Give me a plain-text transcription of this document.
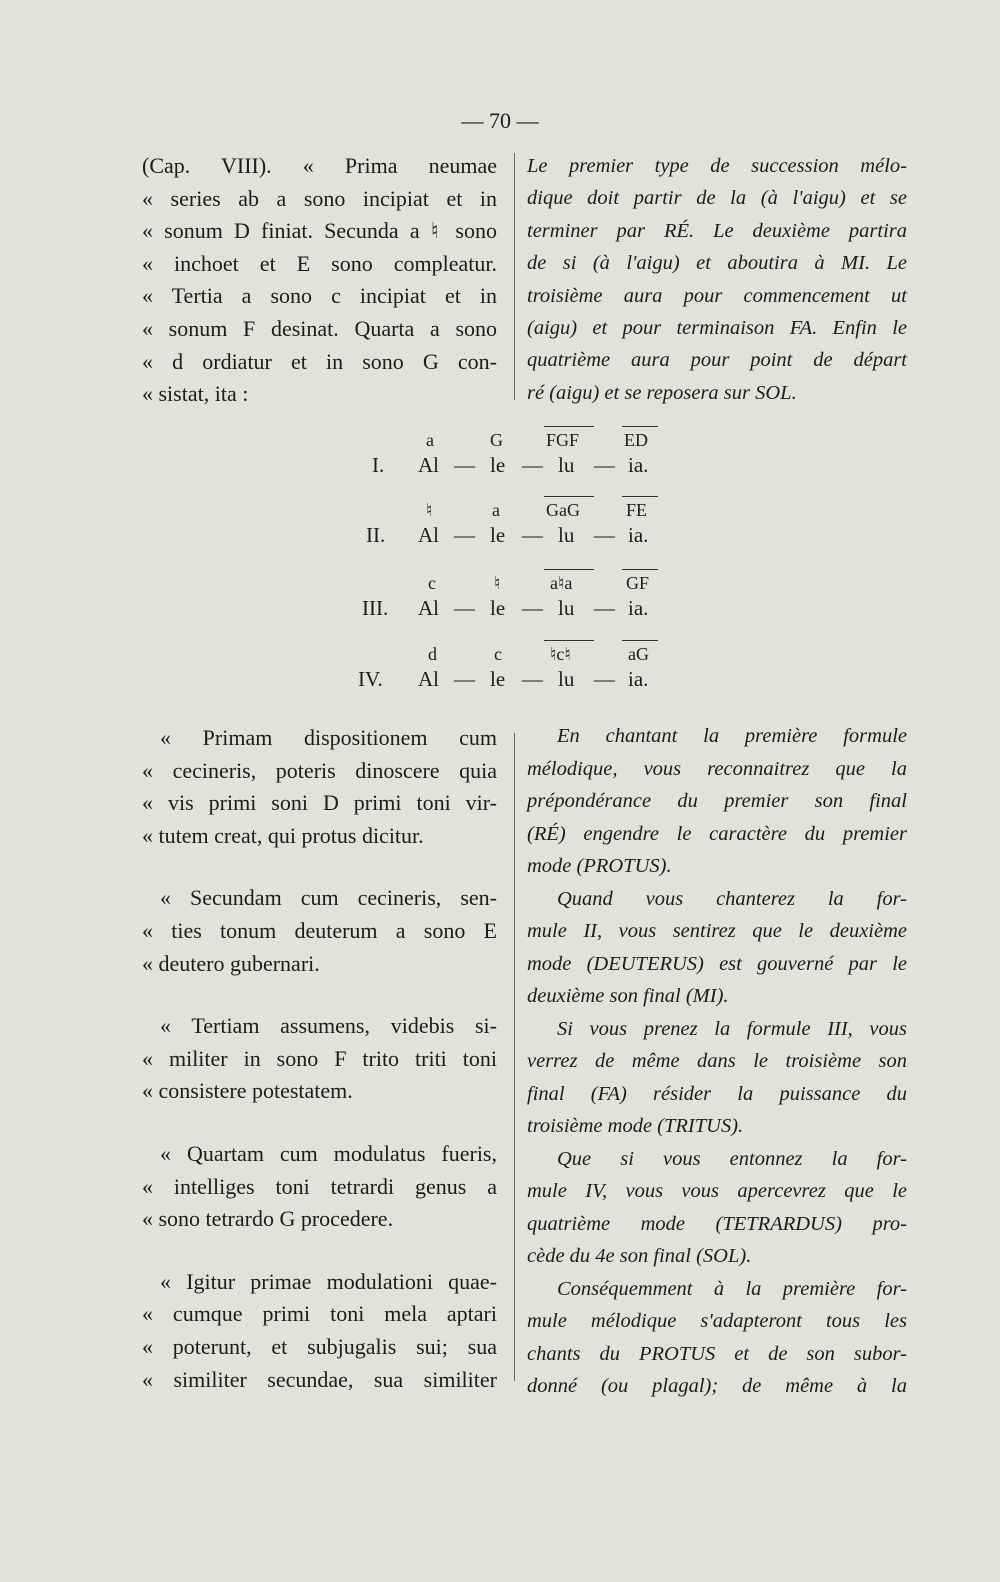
— 70 —
(Cap. VIII). « Prima neumae
« series ab a sono incipiat et in
« sonum D finiat. Secunda a ♮ sono
« inchoet et E sono compleatur.
« Tertia a sono c incipiat et in
« sonum F desinat. Quarta a sono
« d ordiatur et in sono G con-
« sistat, ita :
Le premier type de succession mélo-
dique doit partir de la (à l'aigu) et se
terminer par RÉ. Le deuxième partira
de si (à l'aigu) et aboutira à MI. Le
troisième aura pour commencement ut
(aigu) et pour terminaison FA. Enfin le
quatrième aura pour point de départ
ré (aigu) et se reposera sur SOL.
a	G FGF ED
I. Al — le — lu — ia.
♮	a	GaG	FE
II. Al — le — lu — ia.
c	♮	a♮a	GF
III. Al — le — lu — ia.
d	c	♮c♮	aG
IV. Al — le — lu — ia.
« Primam dispositionem cum
« cecineris, poteris dinoscere quia
« vis primi soni D primi toni vir-
« tutem creat, qui protus dicitur.
« Secundam cum cecineris, sen-
« ties tonum deuterum a sono E
« deutero gubernari.
« Tertiam assumens, videbis si-
« militer in sono F trito triti toni
« consistere potestatem.
« Quartam cum modulatus fueris,
« intelliges toni tetrardi genus a
« sono tetrardo G procedere.
« Igitur primae modulationi quae-
« cumque primi toni mela aptari
« poterunt, et subjugalis sui; sua
« similiter secundae, sua similiter
En chantant la première formule
mélodique, vous reconnaitrez que la
prépondérance du premier son final
(RÉ) engendre le caractère du premier
mode (PROTUS).
Quand vous chanterez la for-
mule II, vous sentirez que le deuxième
mode (DEUTERUS) est gouverné par le
deuxième son final (MI).
Si vous prenez la formule III, vous
verrez de même dans le troisième son
final (FA) résider la puissance du
troisième mode (TRITUS).
Que si vous entonnez la for-
mule IV, vous vous apercevrez que le
quatrième mode (TETRARDUS) pro-
cède du 4e son final (SOL).
Conséquemment à la première for-
mule mélodique s'adapteront tous les
chants du PROTUS et de son subor-
donné (ou plagal); de même à la
